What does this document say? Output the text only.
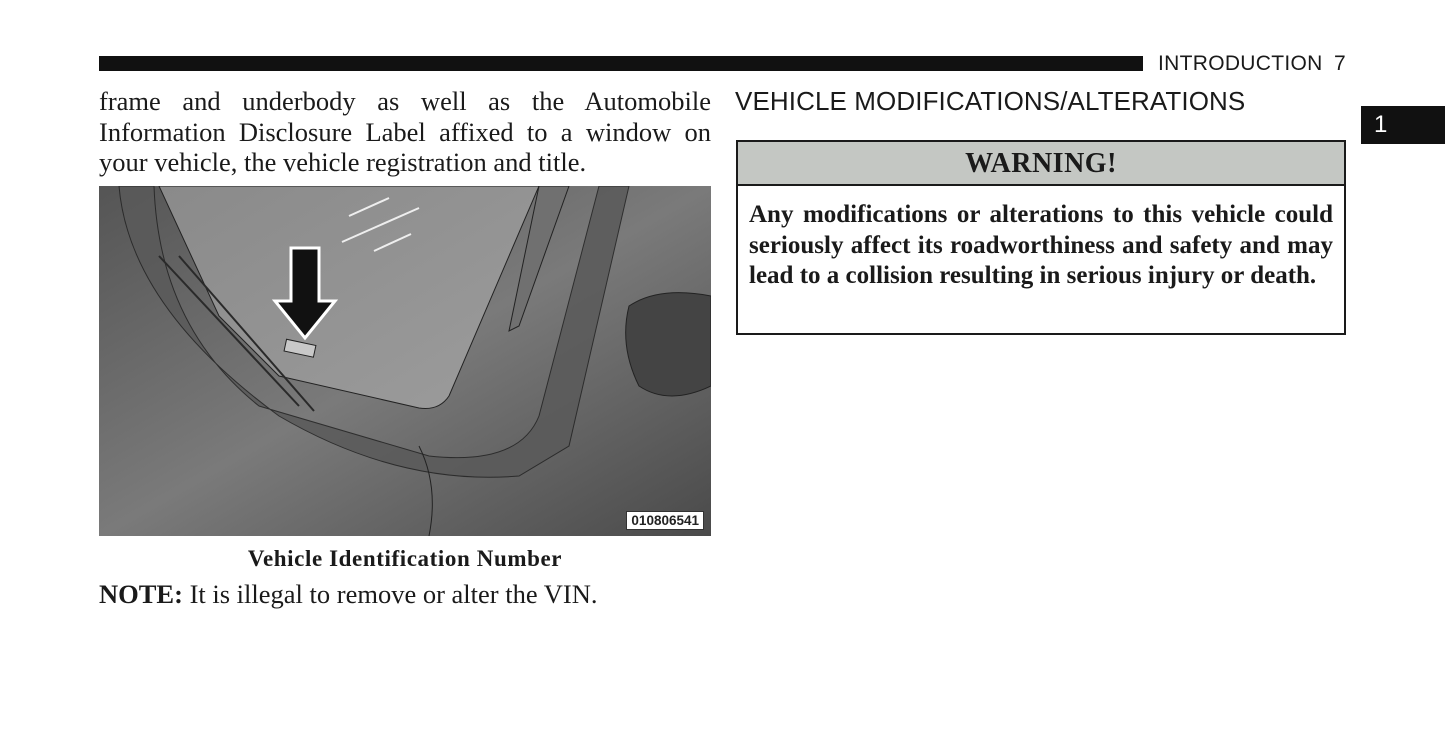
INTRODUCTION 7
1

frame and underbody as well as the Automobile Information Disclosure Label affixed to a window on your vehicle, the vehicle registration and title.

010806541
Vehicle Identification Number
NOTE: It is illegal to remove or alter the VIN.
VEHICLE MODIFICATIONS/ALTERATIONS
WARNING!

Any modifications or alterations to this vehicle could seriously affect its roadworthiness and safety and may lead to a collision resulting in serious injury or death.
